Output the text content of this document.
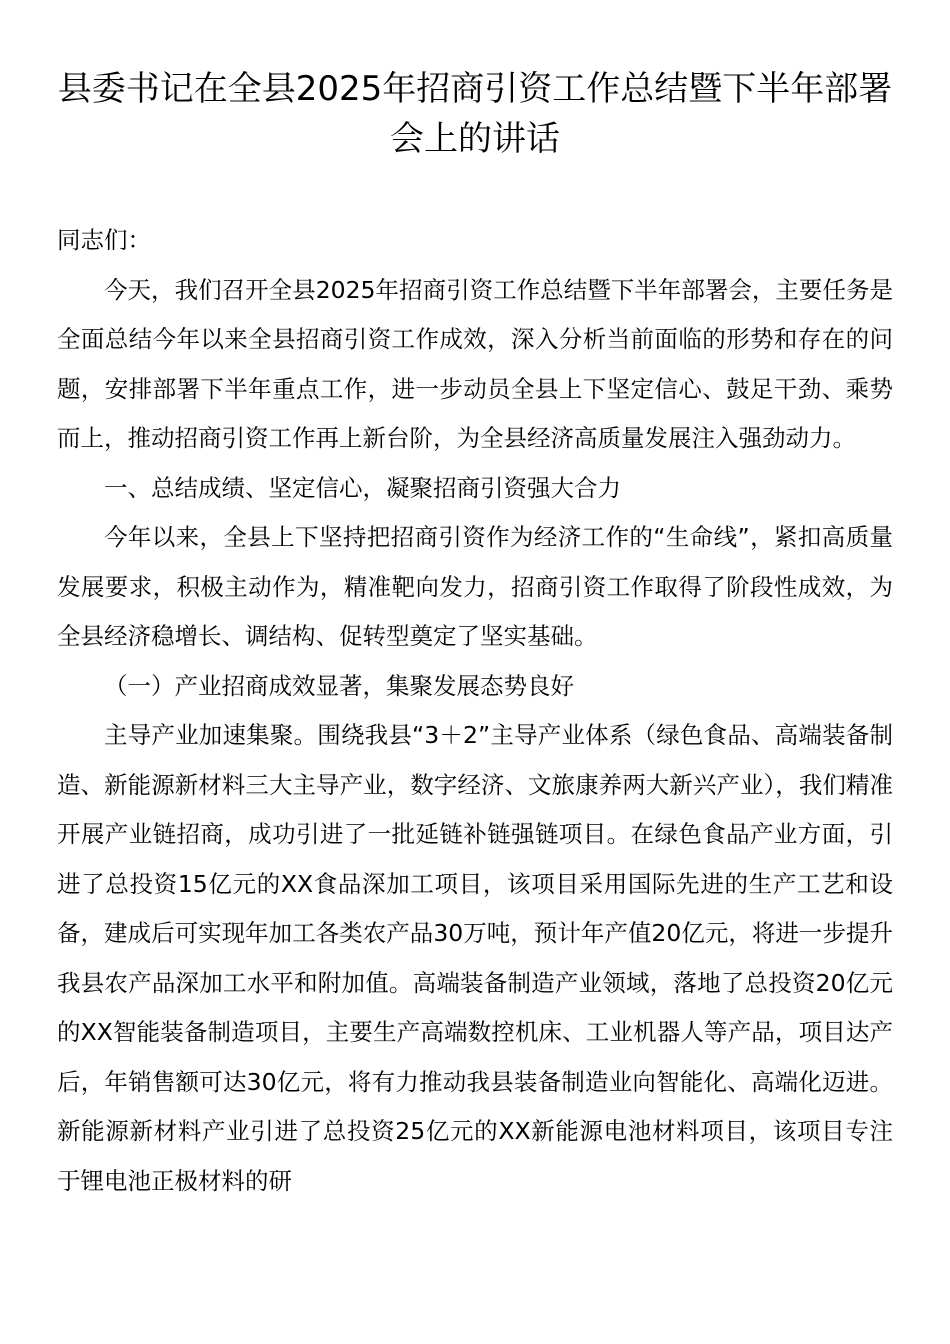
县委书记在全县2025年招商引资工作总结暨下半年部署会上的讲话

同志们：

今天，我们召开全县2025年招商引资工作总结暨下半年部署会，主要任务是全面总结今年以来全县招商引资工作成效，深入分析当前面临的形势和存在的问题，安排部署下半年重点工作，进一步动员全县上下坚定信心、鼓足干劲、乘势而上，推动招商引资工作再上新台阶，为全县经济高质量发展注入强劲动力。

一、总结成绩、坚定信心，凝聚招商引资强大合力

今年以来，全县上下坚持把招商引资作为经济工作的“生命线”，紧扣高质量发展要求，积极主动作为，精准靶向发力，招商引资工作取得了阶段性成效，为全县经济稳增长、调结构、促转型奠定了坚实基础。

（一）产业招商成效显著，集聚发展态势良好

主导产业加速集聚。围绕我县“3＋2”主导产业体系（绿色食品、高端装备制造、新能源新材料三大主导产业，数字经济、文旅康养两大新兴产业），我们精准开展产业链招商，成功引进了一批延链补链强链项目。在绿色食品产业方面，引进了总投资15亿元的XX食品深加工项目，该项目采用国际先进的生产工艺和设备，建成后可实现年加工各类农产品30万吨，预计年产值20亿元，将进一步提升我县农产品深加工水平和附加值。高端装备制造产业领域，落地了总投资20亿元的XX智能装备制造项目，主要生产高端数控机床、工业机器人等产品，项目达产后，年销售额可达30亿元，将有力推动我县装备制造业向智能化、高端化迈进。新能源新材料产业引进了总投资25亿元的XX新能源电池材料项目，该项目专注于锂电池正极材料的研
